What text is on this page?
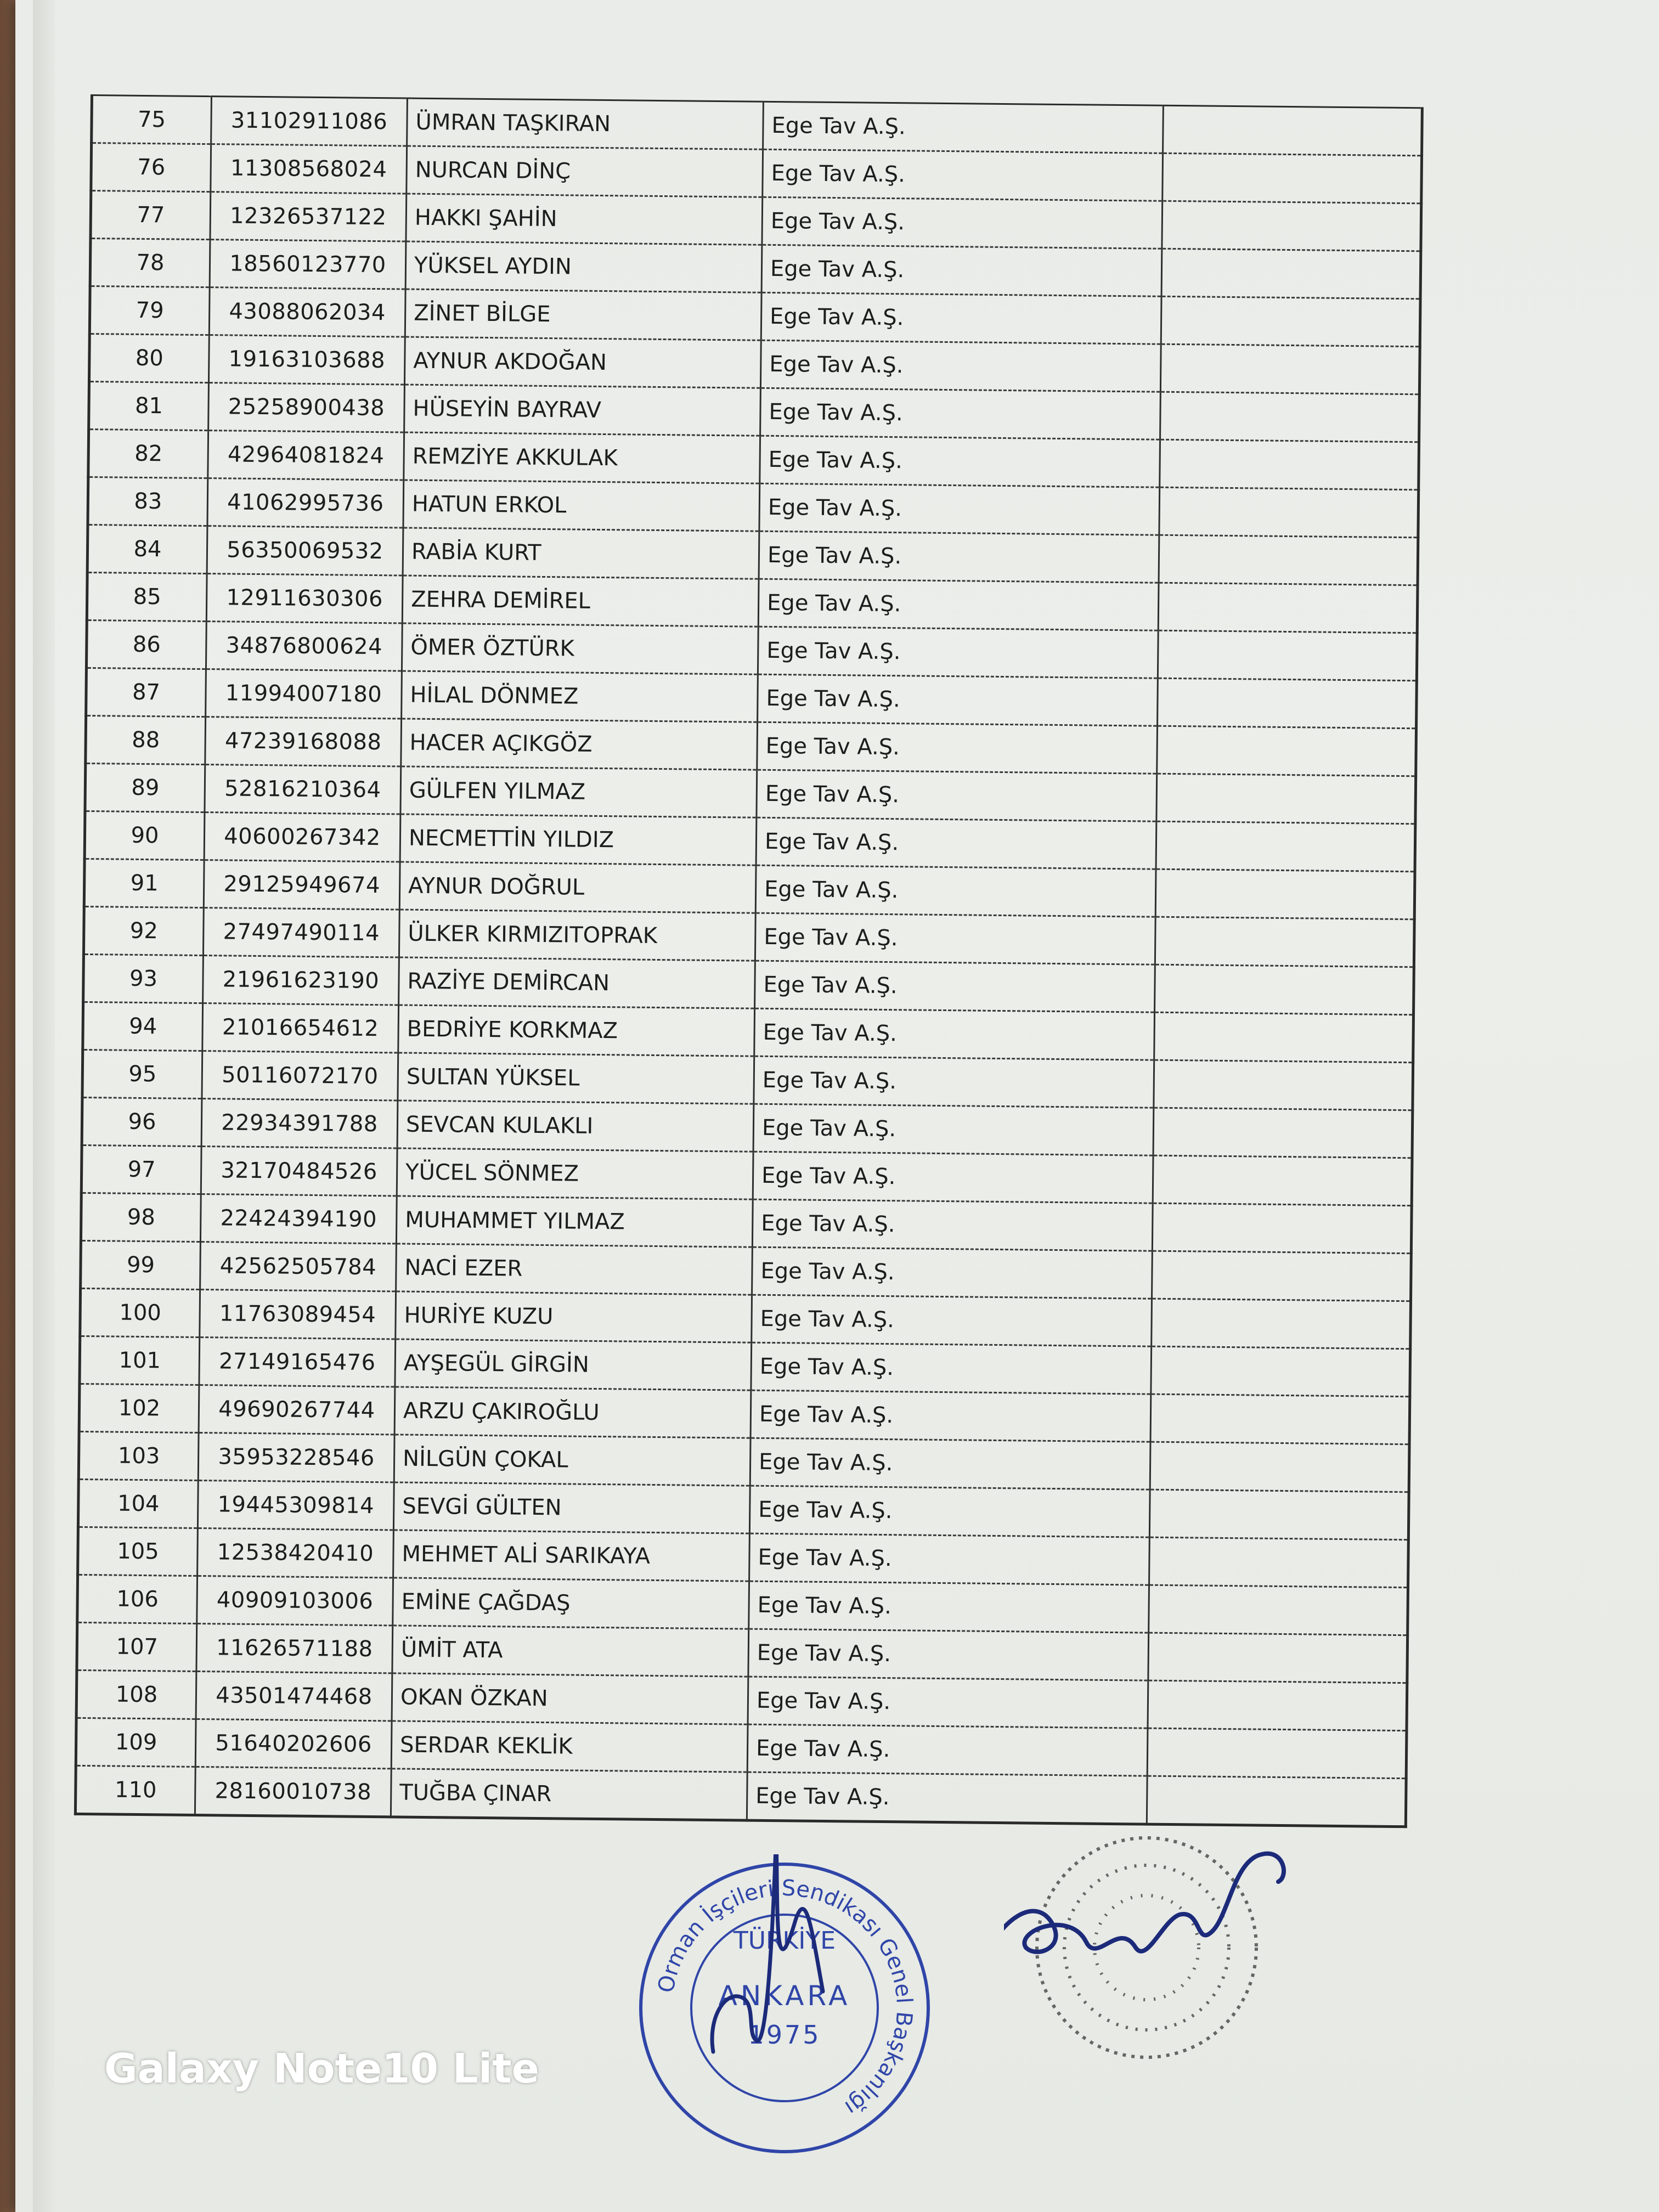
75	31102911086	ÜMRAN TAŞKIRAN	Ege Tav A.Ş.	
76	11308568024	NURCAN DİNÇ	Ege Tav A.Ş.	
77	12326537122	HAKKI ŞAHİN	Ege Tav A.Ş.	
78	18560123770	YÜKSEL AYDIN	Ege Tav A.Ş.	
79	43088062034	ZİNET BİLGE	Ege Tav A.Ş.	
80	19163103688	AYNUR AKDOĞAN	Ege Tav A.Ş.	
81	25258900438	HÜSEYİN BAYRAV	Ege Tav A.Ş.	
82	42964081824	REMZİYE AKKULAK	Ege Tav A.Ş.	
83	41062995736	HATUN ERKOL	Ege Tav A.Ş.	
84	56350069532	RABİA KURT	Ege Tav A.Ş.	
85	12911630306	ZEHRA DEMİREL	Ege Tav A.Ş.	
86	34876800624	ÖMER ÖZTÜRK	Ege Tav A.Ş.	
87	11994007180	HİLAL DÖNMEZ	Ege Tav A.Ş.	
88	47239168088	HACER AÇIKGÖZ	Ege Tav A.Ş.	
89	52816210364	GÜLFEN YILMAZ	Ege Tav A.Ş.	
90	40600267342	NECMETTİN YILDIZ	Ege Tav A.Ş.	
91	29125949674	AYNUR DOĞRUL	Ege Tav A.Ş.	
92	27497490114	ÜLKER KIRMIZITOPRAK	Ege Tav A.Ş.	
93	21961623190	RAZİYE DEMİRCAN	Ege Tav A.Ş.	
94	21016654612	BEDRİYE KORKMAZ	Ege Tav A.Ş.	
95	50116072170	SULTAN YÜKSEL	Ege Tav A.Ş.	
96	22934391788	SEVCAN KULAKLI	Ege Tav A.Ş.	
97	32170484526	YÜCEL SÖNMEZ	Ege Tav A.Ş.	
98	22424394190	MUHAMMET YILMAZ	Ege Tav A.Ş.	
99	42562505784	NACİ EZER	Ege Tav A.Ş.	
100	11763089454	HURİYE KUZU	Ege Tav A.Ş.	
101	27149165476	AYŞEGÜL GİRGİN	Ege Tav A.Ş.	
102	49690267744	ARZU ÇAKIROĞLU	Ege Tav A.Ş.	
103	35953228546	NİLGÜN ÇOKAL	Ege Tav A.Ş.	
104	19445309814	SEVGİ GÜLTEN	Ege Tav A.Ş.	
105	12538420410	MEHMET ALİ SARIKAYA	Ege Tav A.Ş.	
106	40909103006	EMİNE ÇAĞDAŞ	Ege Tav A.Ş.	
107	11626571188	ÜMİT ATA	Ege Tav A.Ş.	
108	43501474468	OKAN ÖZKAN	Ege Tav A.Ş.	
109	51640202606	SERDAR KEKLİK	Ege Tav A.Ş.	
110	28160010738	TUĞBA ÇINAR	Ege Tav A.Ş.	
Orman İşçileri Sendikası Genel Başkanlığı
TÜRKİYE
ANKARA
1975
Galaxy Note10 Lite
